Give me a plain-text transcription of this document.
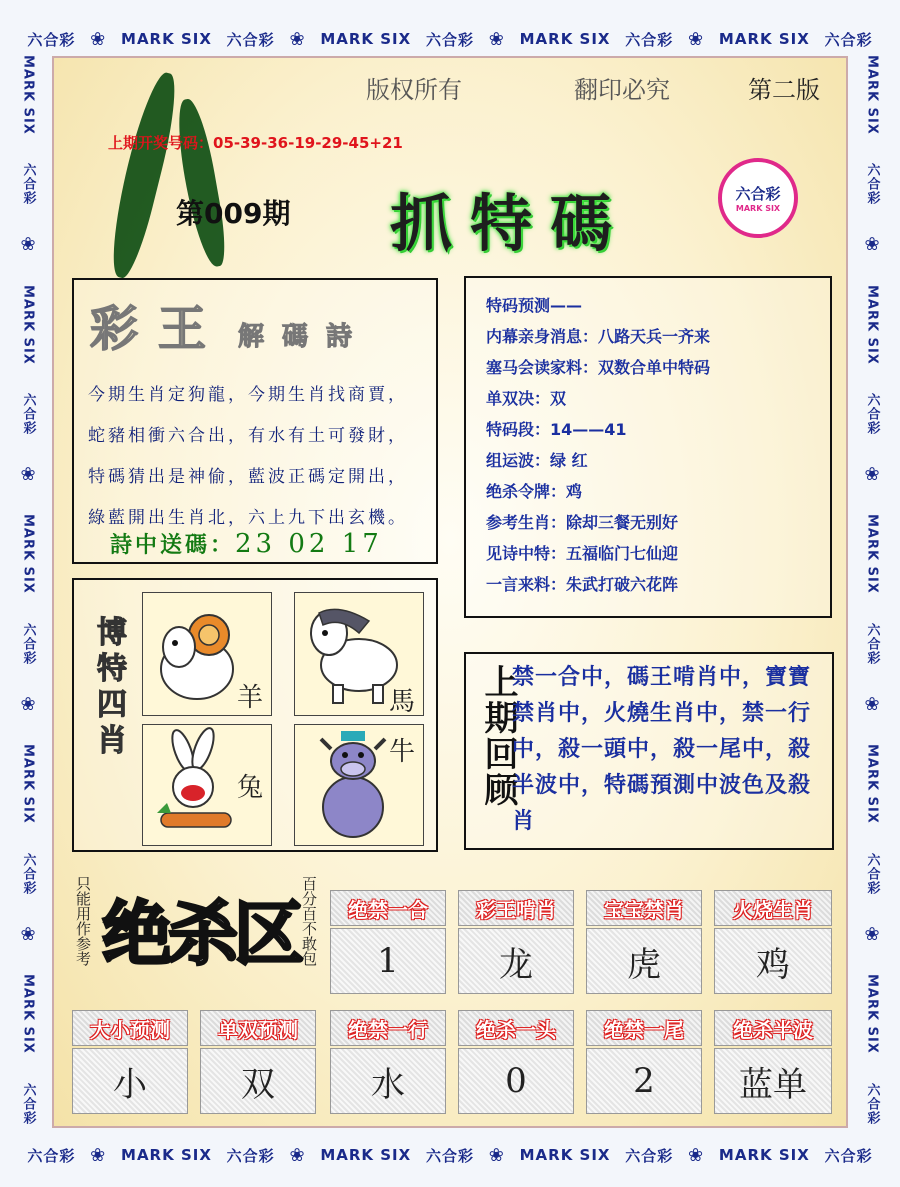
六合彩 ❀ MARK SIX 六合彩 ❀ MARK SIX 六合彩 ❀ MARK SIX 六合彩 ❀ MARK SIX 六合彩
六合彩 ❀ MARK SIX 六合彩 ❀ MARK SIX 六合彩 ❀ MARK SIX 六合彩 ❀ MARK SIX 六合彩
MARK SIX
六合彩
❀
MARK SIX
六合彩
❀
MARK SIX
六合彩
❀
MARK SIX
六合彩
❀
MARK SIX
六合彩
MARK SIX
六合彩
❀
MARK SIX
六合彩
❀
MARK SIX
六合彩
❀
MARK SIX
六合彩
❀
MARK SIX
六合彩
版权所有	翻印必究	第二版
上期开奖号码：05-39-36-19-29-45+21
第009期 抓特碼	六合彩
MARK SIX
彩王 解碼詩
今期生肖定狗龍，今期生肖找商賈，
蛇豬相衝六合出，有水有土可發財，
特碼猜出是神偷，藍波正碼定開出，
綠藍開出生肖北，六上九下出玄機。
詩中送碼： 23 02 17
特码预测——
内幕亲身消息：八路天兵一齐来
塞马会读家料：双数合单中特码
单双决：双
特码段：14——41
组运波：绿 红
绝杀令牌：鸡
参考生肖：除却三餐无别好
见诗中特：五福临门七仙迎
一言来料：朱武打破六花阵
博特四肖	羊	馬
兔
牛 上期回顾
禁一合中，碼王啃肖中，寶寶禁肖中，火燒生肖中，禁一行中，殺一頭中，殺一尾中，殺半波中，特碼預測中波色及殺肖
只能用作参考 绝杀区 百分百不敢包 绝禁一合 彩王啃肖 宝宝禁肖 火烧生肖
1	龙	虎	鸡
大小预测 单双预测	绝禁一行 绝杀一头 绝禁一尾 绝杀半波
小	双	水	0	2	蓝单
